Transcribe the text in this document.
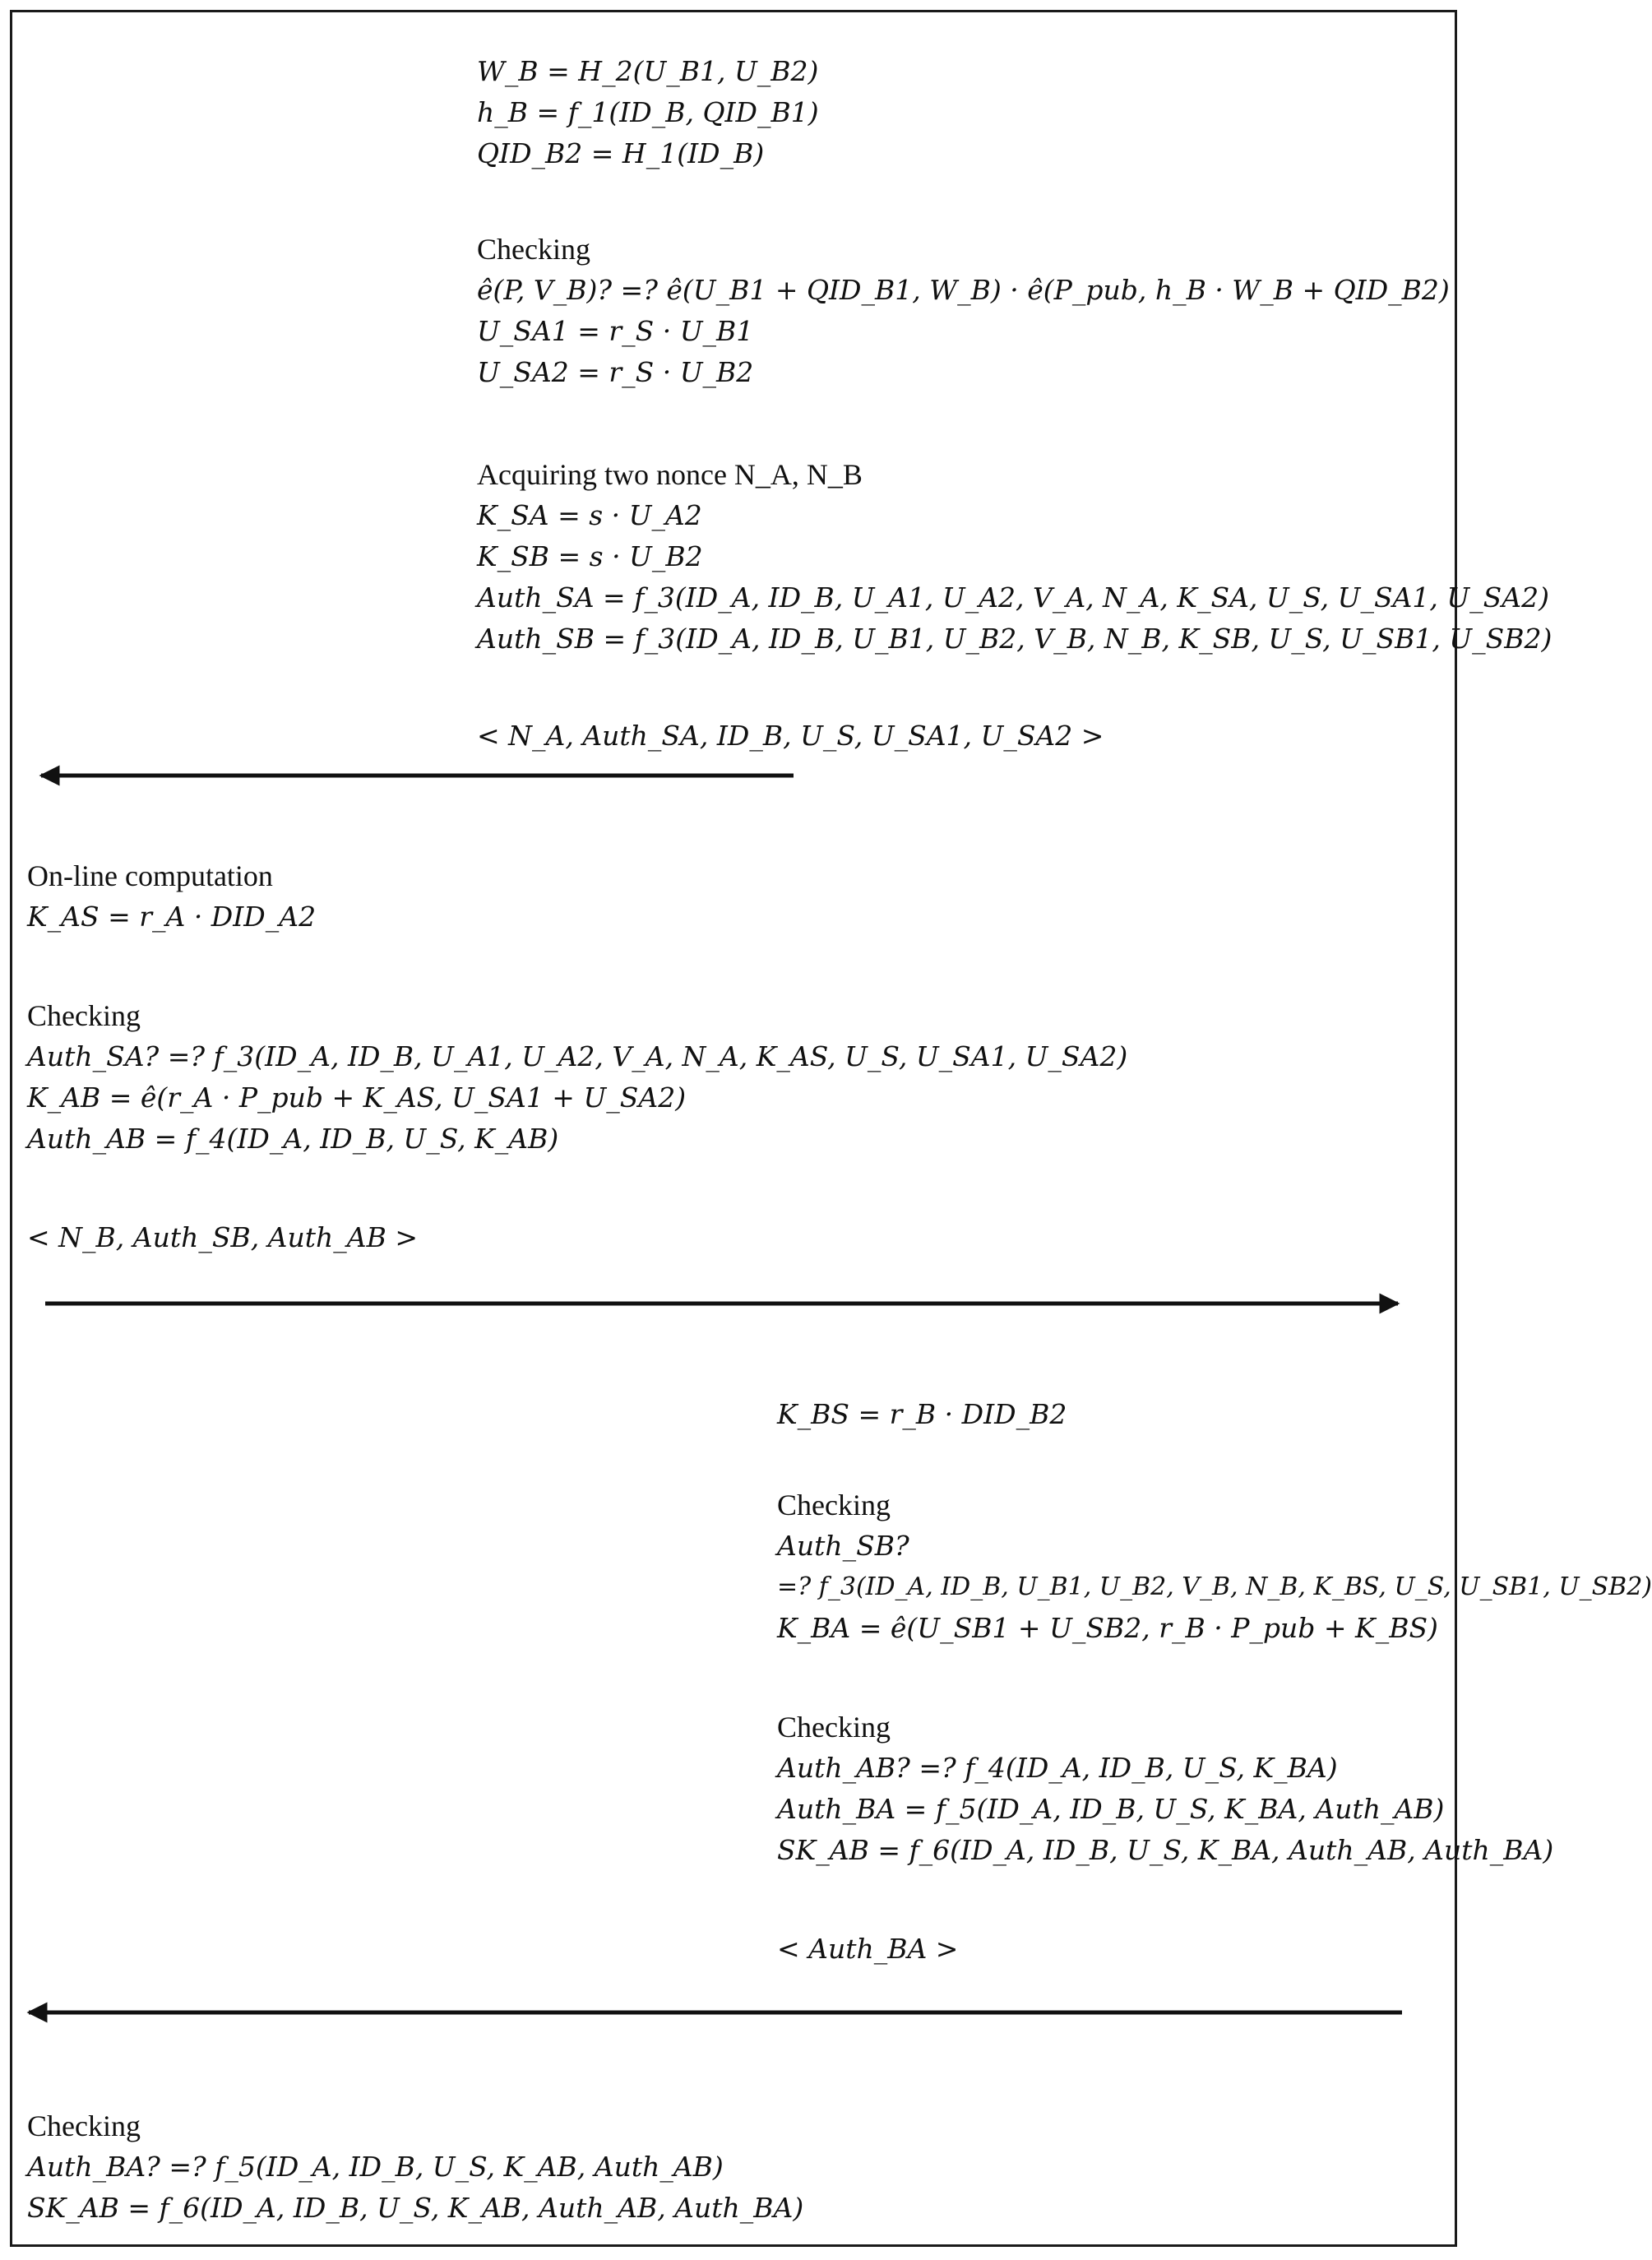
W_B = H_2(U_B1, U_B2)
h_B = f_1(ID_B, QID_B1)
QID_B2 = H_1(ID_B)
Checking
ê(P, V_B)? =? ê(U_B1 + QID_B1, W_B) · ê(P_pub, h_B · W_B + QID_B2)
U_SA1 = r_S · U_B1
U_SA2 = r_S · U_B2
Acquiring two nonce N_A, N_B
K_SA = s · U_A2
K_SB = s · U_B2
Auth_SA = f_3(ID_A, ID_B, U_A1, U_A2, V_A, N_A, K_SA, U_S, U_SA1, U_SA2)
Auth_SB = f_3(ID_A, ID_B, U_B1, U_B2, V_B, N_B, K_SB, U_S, U_SB1, U_SB2)
< N_A, Auth_SA, ID_B, U_S, U_SA1, U_SA2 >
On-line computation
K_AS = r_A · DID_A2
Checking
Auth_SA? =? f_3(ID_A, ID_B, U_A1, U_A2, V_A, N_A, K_AS, U_S, U_SA1, U_SA2)
K_AB = ê(r_A · P_pub + K_AS, U_SA1 + U_SA2)
Auth_AB = f_4(ID_A, ID_B, U_S, K_AB)
< N_B, Auth_SB, Auth_AB >
K_BS = r_B · DID_B2
Checking
Auth_SB?
=? f_3(ID_A, ID_B, U_B1, U_B2, V_B, N_B, K_BS, U_S, U_SB1, U_SB2)
K_BA = ê(U_SB1 + U_SB2, r_B · P_pub + K_BS)
Checking
Auth_AB? =? f_4(ID_A, ID_B, U_S, K_BA)
Auth_BA = f_5(ID_A, ID_B, U_S, K_BA, Auth_AB)
SK_AB = f_6(ID_A, ID_B, U_S, K_BA, Auth_AB, Auth_BA)
< Auth_BA >
Checking
Auth_BA? =? f_5(ID_A, ID_B, U_S, K_AB, Auth_AB)
SK_AB = f_6(ID_A, ID_B, U_S, K_AB, Auth_AB, Auth_BA)
